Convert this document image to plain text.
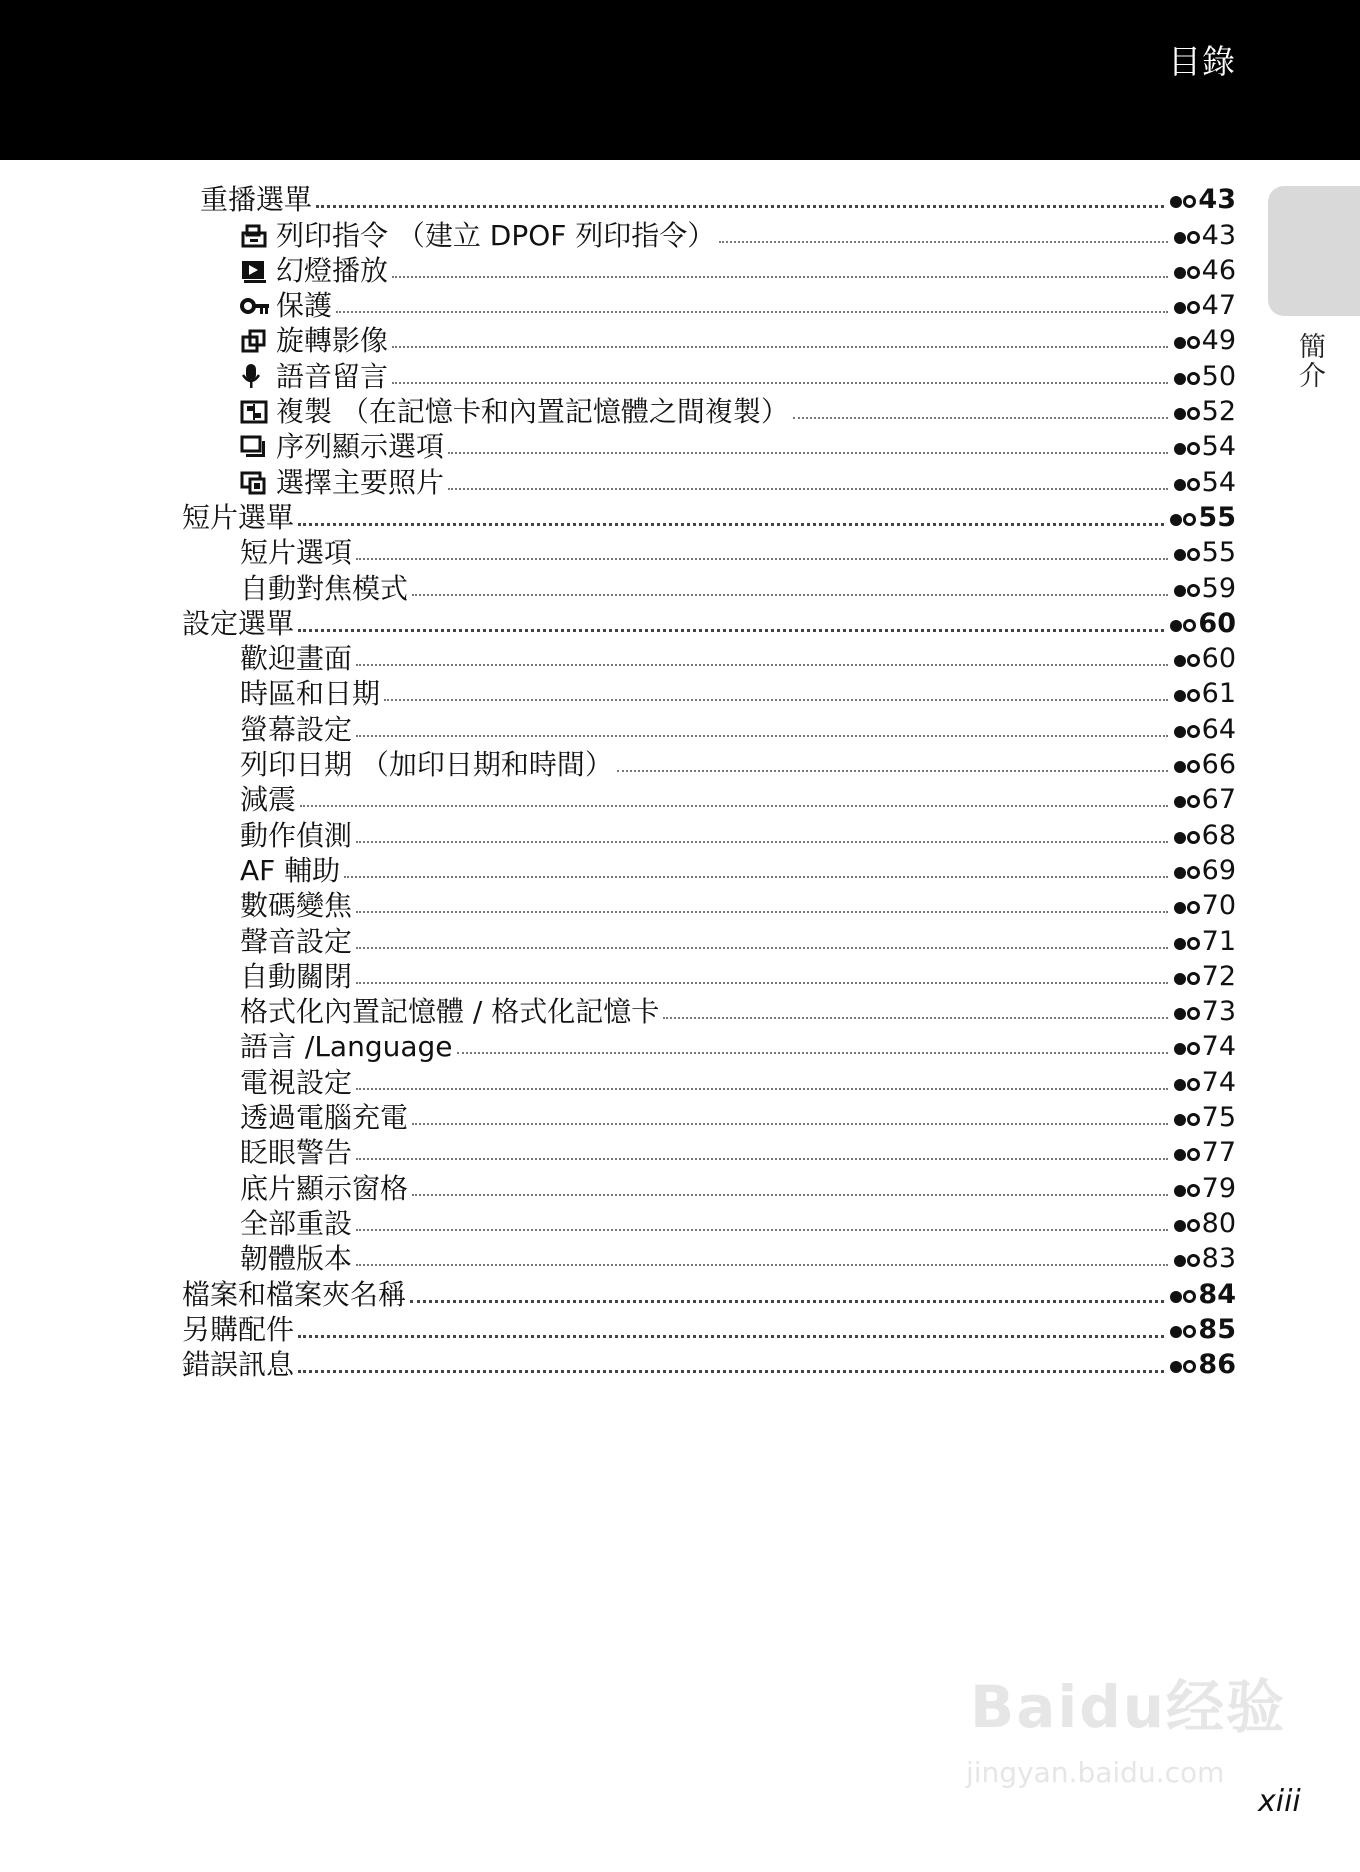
目錄
簡介
重播選單	43
列印指令 （建立 DPOF 列印指令）	43
幻燈播放	46
保護	47
旋轉影像	49
語音留言	50
複製 （在記憶卡和內置記憶體之間複製）	52
序列顯示選項	54
選擇主要照片	54
短片選單	55
短片選項	55
自動對焦模式	59
設定選單	60
歡迎畫面	60
時區和日期	61
螢幕設定	64
列印日期 （加印日期和時間）	66
減震	67
動作偵測	68
AF 輔助	69
數碼變焦	70
聲音設定	71
自動關閉	72
格式化內置記憶體 / 格式化記憶卡	73
語言 /Language	74
電視設定	74
透過電腦充電	75
眨眼警告	77
底片顯示窗格	79
全部重設	80
韌體版本	83
檔案和檔案夾名稱	84
另購配件	85
錯誤訊息	86
Baidu经验
jingyan.baidu.com
xiii
